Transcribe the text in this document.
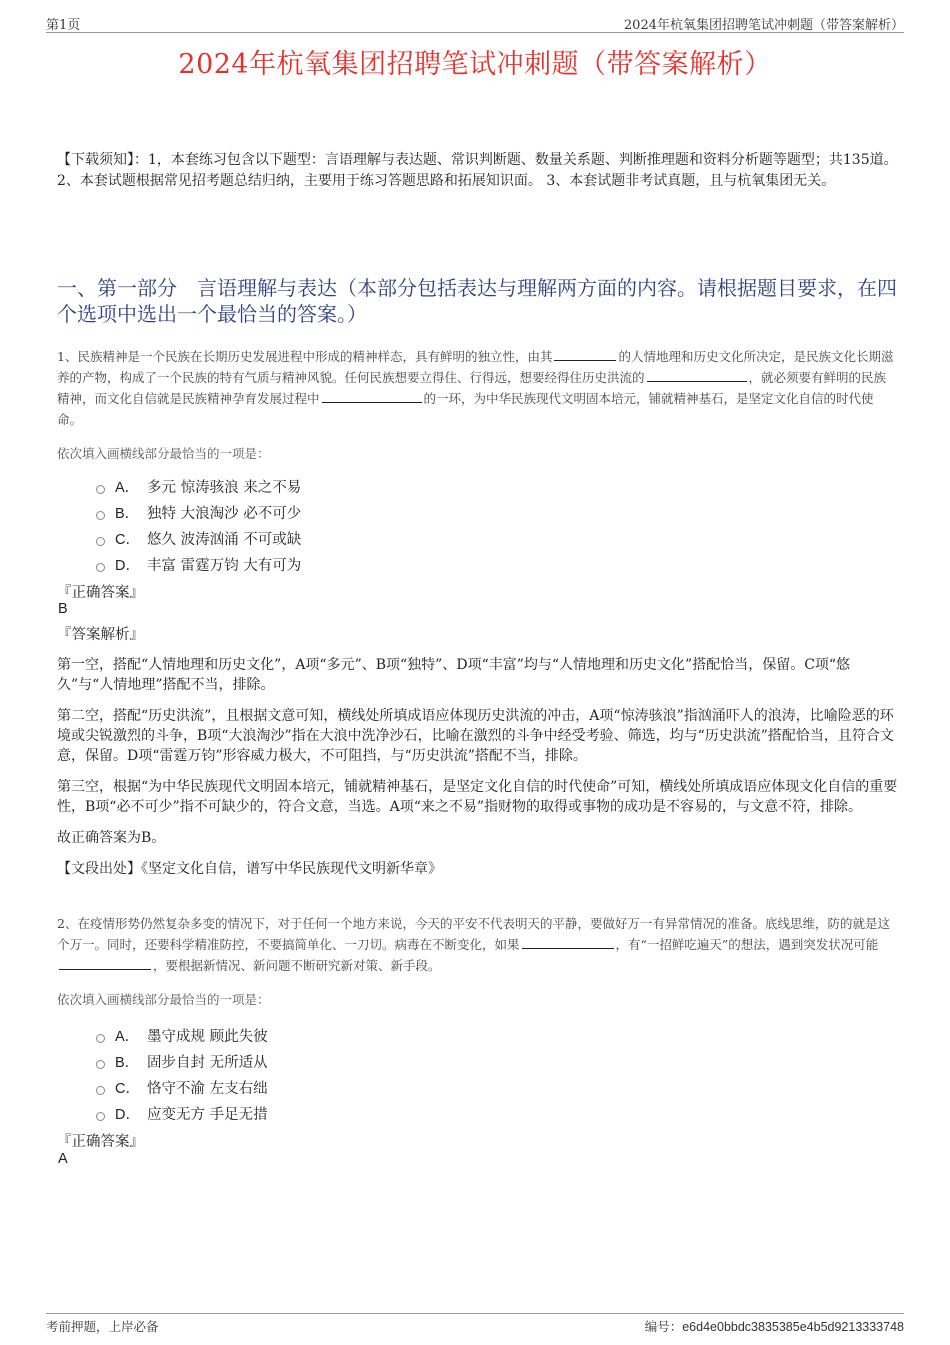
第1页	2024年杭氧集团招聘笔试冲刺题（带答案解析）
2024年杭氧集团招聘笔试冲刺题（带答案解析）
【下载须知】：1，本套练习包含以下题型：言语理解与表达题、常识判断题、数量关系题、判断推理题和资料分析题等题型；共135道。 2、本套试题根据常见招考题总结归纳，主要用于练习答题思路和拓展知识面。 3、本套试题非考试真题，且与杭氧集团无关。
一、第一部分　言语理解与表达（本部分包括表达与理解两方面的内容。请根据题目要求，在四个选项中选出一个最恰当的答案。）

1、民族精神是一个民族在长期历史发展进程中形成的精神样态，具有鲜明的独立性，由其	的人情地理和历史文化所决定，是民族文化长期滋养的产物，构成了一个民族的特有气质与精神风貌。任何民族想要立得住、行得远，想要经得住历史洪流的	，就必须要有鲜明的民族精神，而文化自信就是民族精神孕育发展过程中	的一环，为中华民族现代文明固本培元，铺就精神基石，是坚定文化自信的时代使命。

依次填入画横线部分最恰当的一项是：

A． 多元 惊涛骇浪 来之不易
B． 独特 大浪淘沙 必不可少
C． 悠久 波涛汹涌 不可或缺
D． 丰富 雷霆万钧 大有可为
『正确答案』
B
『答案解析』

第一空，搭配“人情地理和历史文化”，A项“多元”、B项“独特”、D项“丰富”均与“人情地理和历史文化”搭配恰当，保留。C项“悠久”与“人情地理”搭配不当，排除。

第二空，搭配“历史洪流”，且根据文意可知，横线处所填成语应体现历史洪流的冲击，A项“惊涛骇浪”指汹涌吓人的浪涛，比喻险恶的环境或尖锐激烈的斗争，B项“大浪淘沙”指在大浪中洗净沙石，比喻在激烈的斗争中经受考验、筛选，均与“历史洪流”搭配恰当，且符合文意，保留。D项“雷霆万钧”形容威力极大，不可阻挡，与“历史洪流”搭配不当，排除。

第三空，根据“为中华民族现代文明固本培元，铺就精神基石，是坚定文化自信的时代使命”可知，横线处所填成语应体现文化自信的重要性，B项“必不可少”指不可缺少的，符合文意，当选。A项“来之不易”指财物的取得或事物的成功是不容易的，与文意不符，排除。

故正确答案为B。

【文段出处】《坚定文化自信，谱写中华民族现代文明新华章》

2、在疫情形势仍然复杂多变的情况下，对于任何一个地方来说，今天的平安不代表明天的平静，要做好万一有异常情况的准备。底线思维，防的就是这个万一。同时，还要科学精准防控，不要搞简单化、一刀切。病毒在不断变化，如果	，有“一招鲜吃遍天”的想法，遇到突发状况可能，要根据新情况、新问题不断研究新对策、新手段。

依次填入画横线部分最恰当的一项是：

A． 墨守成规 顾此失彼
B． 固步自封 无所适从
C． 恪守不渝 左支右绌
D． 应变无方 手足无措
『正确答案』
A
考前押题，上岸必备	编号：e6d4e0bbdc3835385e4b5d9213333748
